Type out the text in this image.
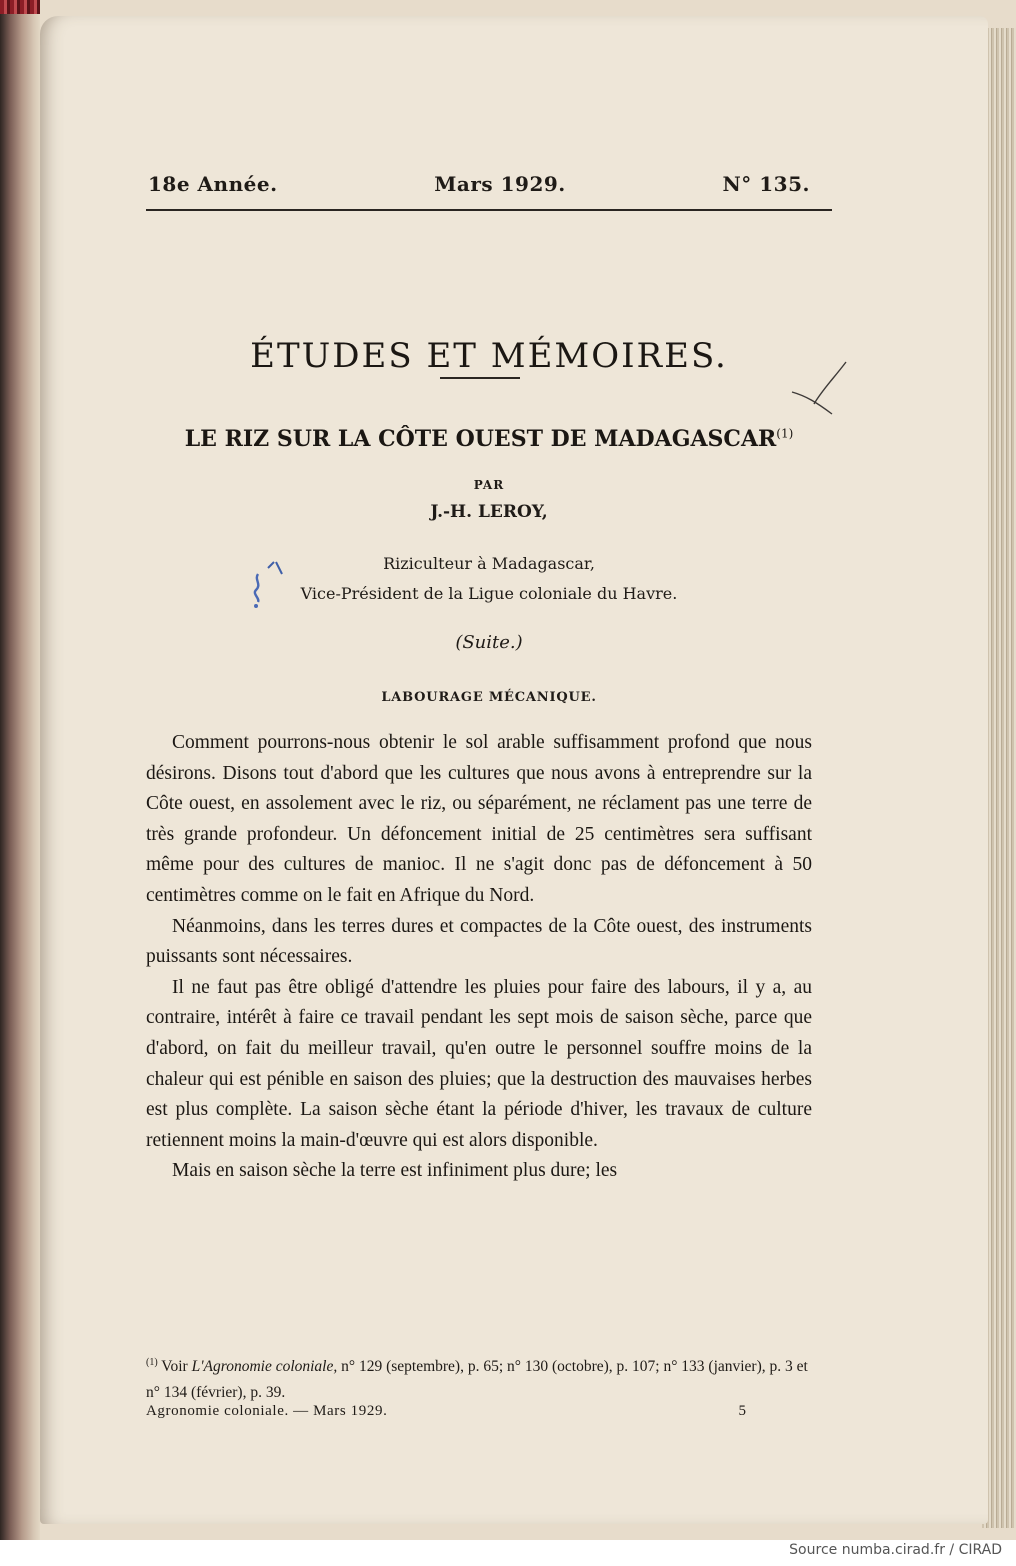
18e Année.	Mars 1929.	N° 135.
ÉTUDES ET MÉMOIRES.
LE RIZ SUR LA CÔTE OUEST DE MADAGASCAR$^{(1)}$
PAR
J.-H. LEROY,
Riziculteur à Madagascar,
Vice-Président de la Ligue coloniale du Havre.
(Suite.)
LABOURAGE MÉCANIQUE.

Comment pourrons-nous obtenir le sol arable suffisamment profond que nous désirons. Disons tout d'abord que les cultures que nous avons à entreprendre sur la Côte ouest, en assolement avec le riz, ou séparément, ne réclament pas une terre de très grande profondeur. Un défoncement initial de 25 centimètres sera suffisant même pour des cultures de manioc. Il ne s'agit donc pas de défoncement à 50 centimètres comme on le fait en Afrique du Nord.

Néanmoins, dans les terres dures et compactes de la Côte ouest, des instruments puissants sont nécessaires.

Il ne faut pas être obligé d'attendre les pluies pour faire des labours, il y a, au contraire, intérêt à faire ce travail pendant les sept mois de saison sèche, parce que d'abord, on fait du meilleur travail, qu'en outre le personnel souffre moins de la chaleur qui est pénible en saison des pluies; que la destruction des mauvaises herbes est plus complète. La saison sèche étant la période d'hiver, les travaux de culture retiennent moins la main-d'œuvre qui est alors disponible.

Mais en saison sèche la terre est infiniment plus dure; les

$^{(1)}$ Voir L'Agronomie coloniale, n° 129 (septembre), p. 65; n° 130 (octobre), p. 107; n° 133 (janvier), p. 3 et n° 134 (février), p. 39.
Agronomie coloniale. — Mars 1929.	5
Source numba.cirad.fr / CIRAD
